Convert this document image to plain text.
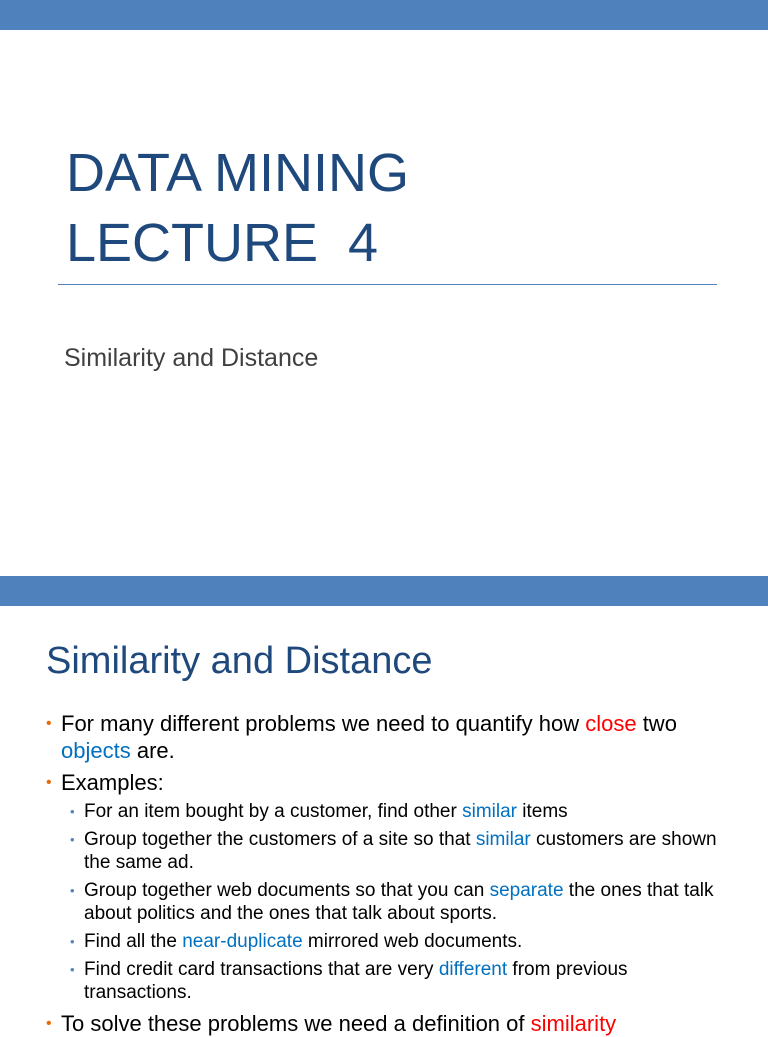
DATA MINING
LECTURE  4
Similarity and Distance
Similarity and Distance
• For many different problems we need to quantify how close two objects are.
• Examples:
• For an item bought by a customer, find other similar items
• Group together the customers of a site so that similar customers are shown the same ad.
• Group together web documents so that you can separate the ones that talk about politics and the ones that talk about sports.
• Find all the near-duplicate mirrored web documents.
• Find credit card transactions that are very different from previous transactions.
• To solve these problems we need a definition of similarity
